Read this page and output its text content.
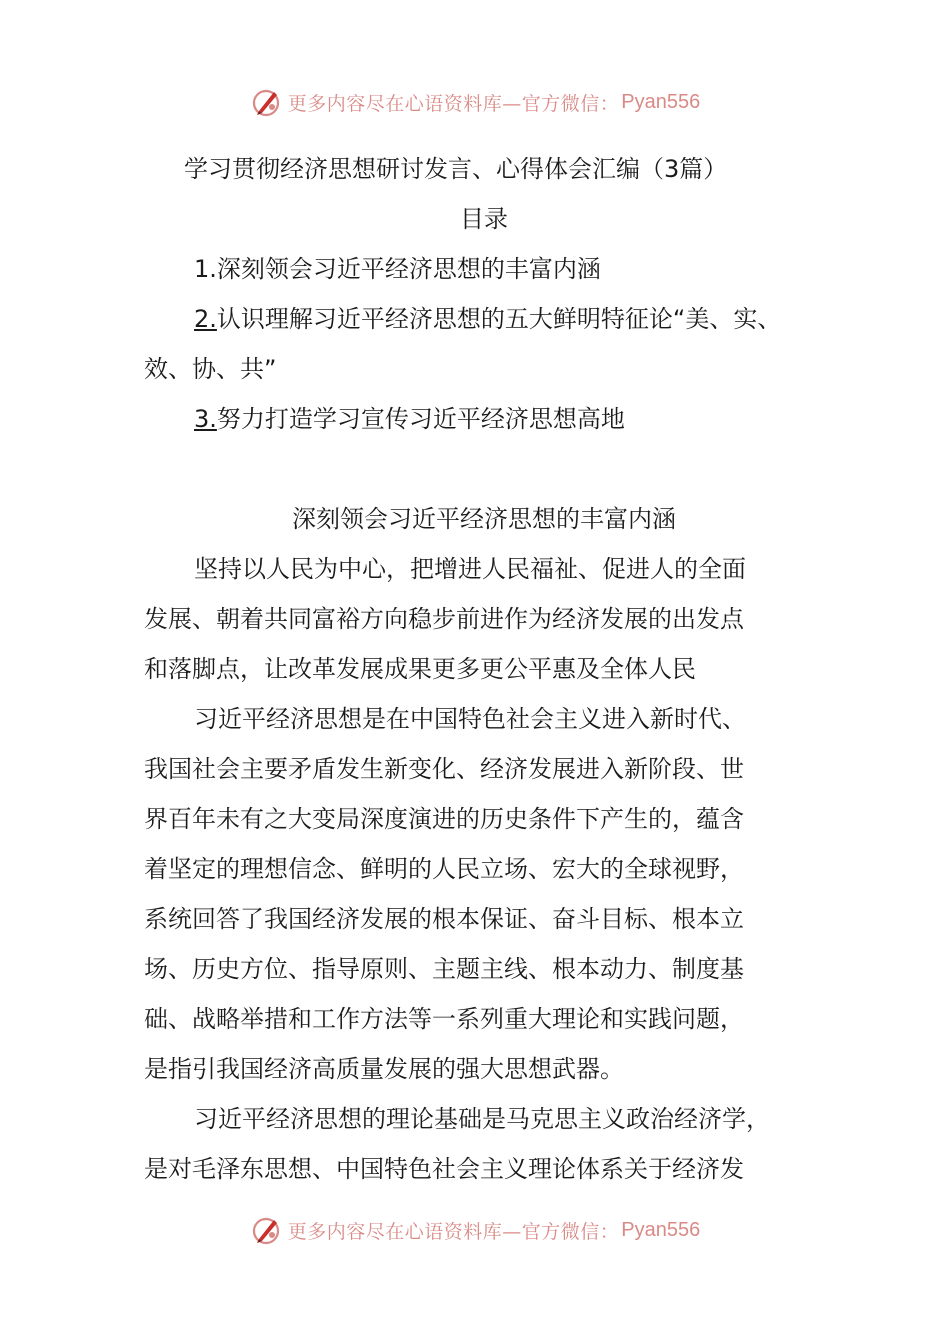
更多内容尽在心语资料库—官方微信： Pyan556
学习贯彻经济思想研讨发言、心得体会汇编（3篇）
目录
1.深刻领会习近平经济思想的丰富内涵
2.认识理解习近平经济思想的五大鲜明特征论“美、实、
效、协、共”
3.努力打造学习宣传习近平经济思想高地
深刻领会习近平经济思想的丰富内涵
坚持以人民为中心，把增进人民福祉、促进人的全面
发展、朝着共同富裕方向稳步前进作为经济发展的出发点
和落脚点，让改革发展成果更多更公平惠及全体人民
习近平经济思想是在中国特色社会主义进入新时代、
我国社会主要矛盾发生新变化、经济发展进入新阶段、世
界百年未有之大变局深度演进的历史条件下产生的，蕴含
着坚定的理想信念、鲜明的人民立场、宏大的全球视野，
系统回答了我国经济发展的根本保证、奋斗目标、根本立
场、历史方位、指导原则、主题主线、根本动力、制度基
础、战略举措和工作方法等一系列重大理论和实践问题，
是指引我国经济高质量发展的强大思想武器。
习近平经济思想的理论基础是马克思主义政治经济学，
是对毛泽东思想、中国特色社会主义理论体系关于经济发
更多内容尽在心语资料库—官方微信： Pyan556
